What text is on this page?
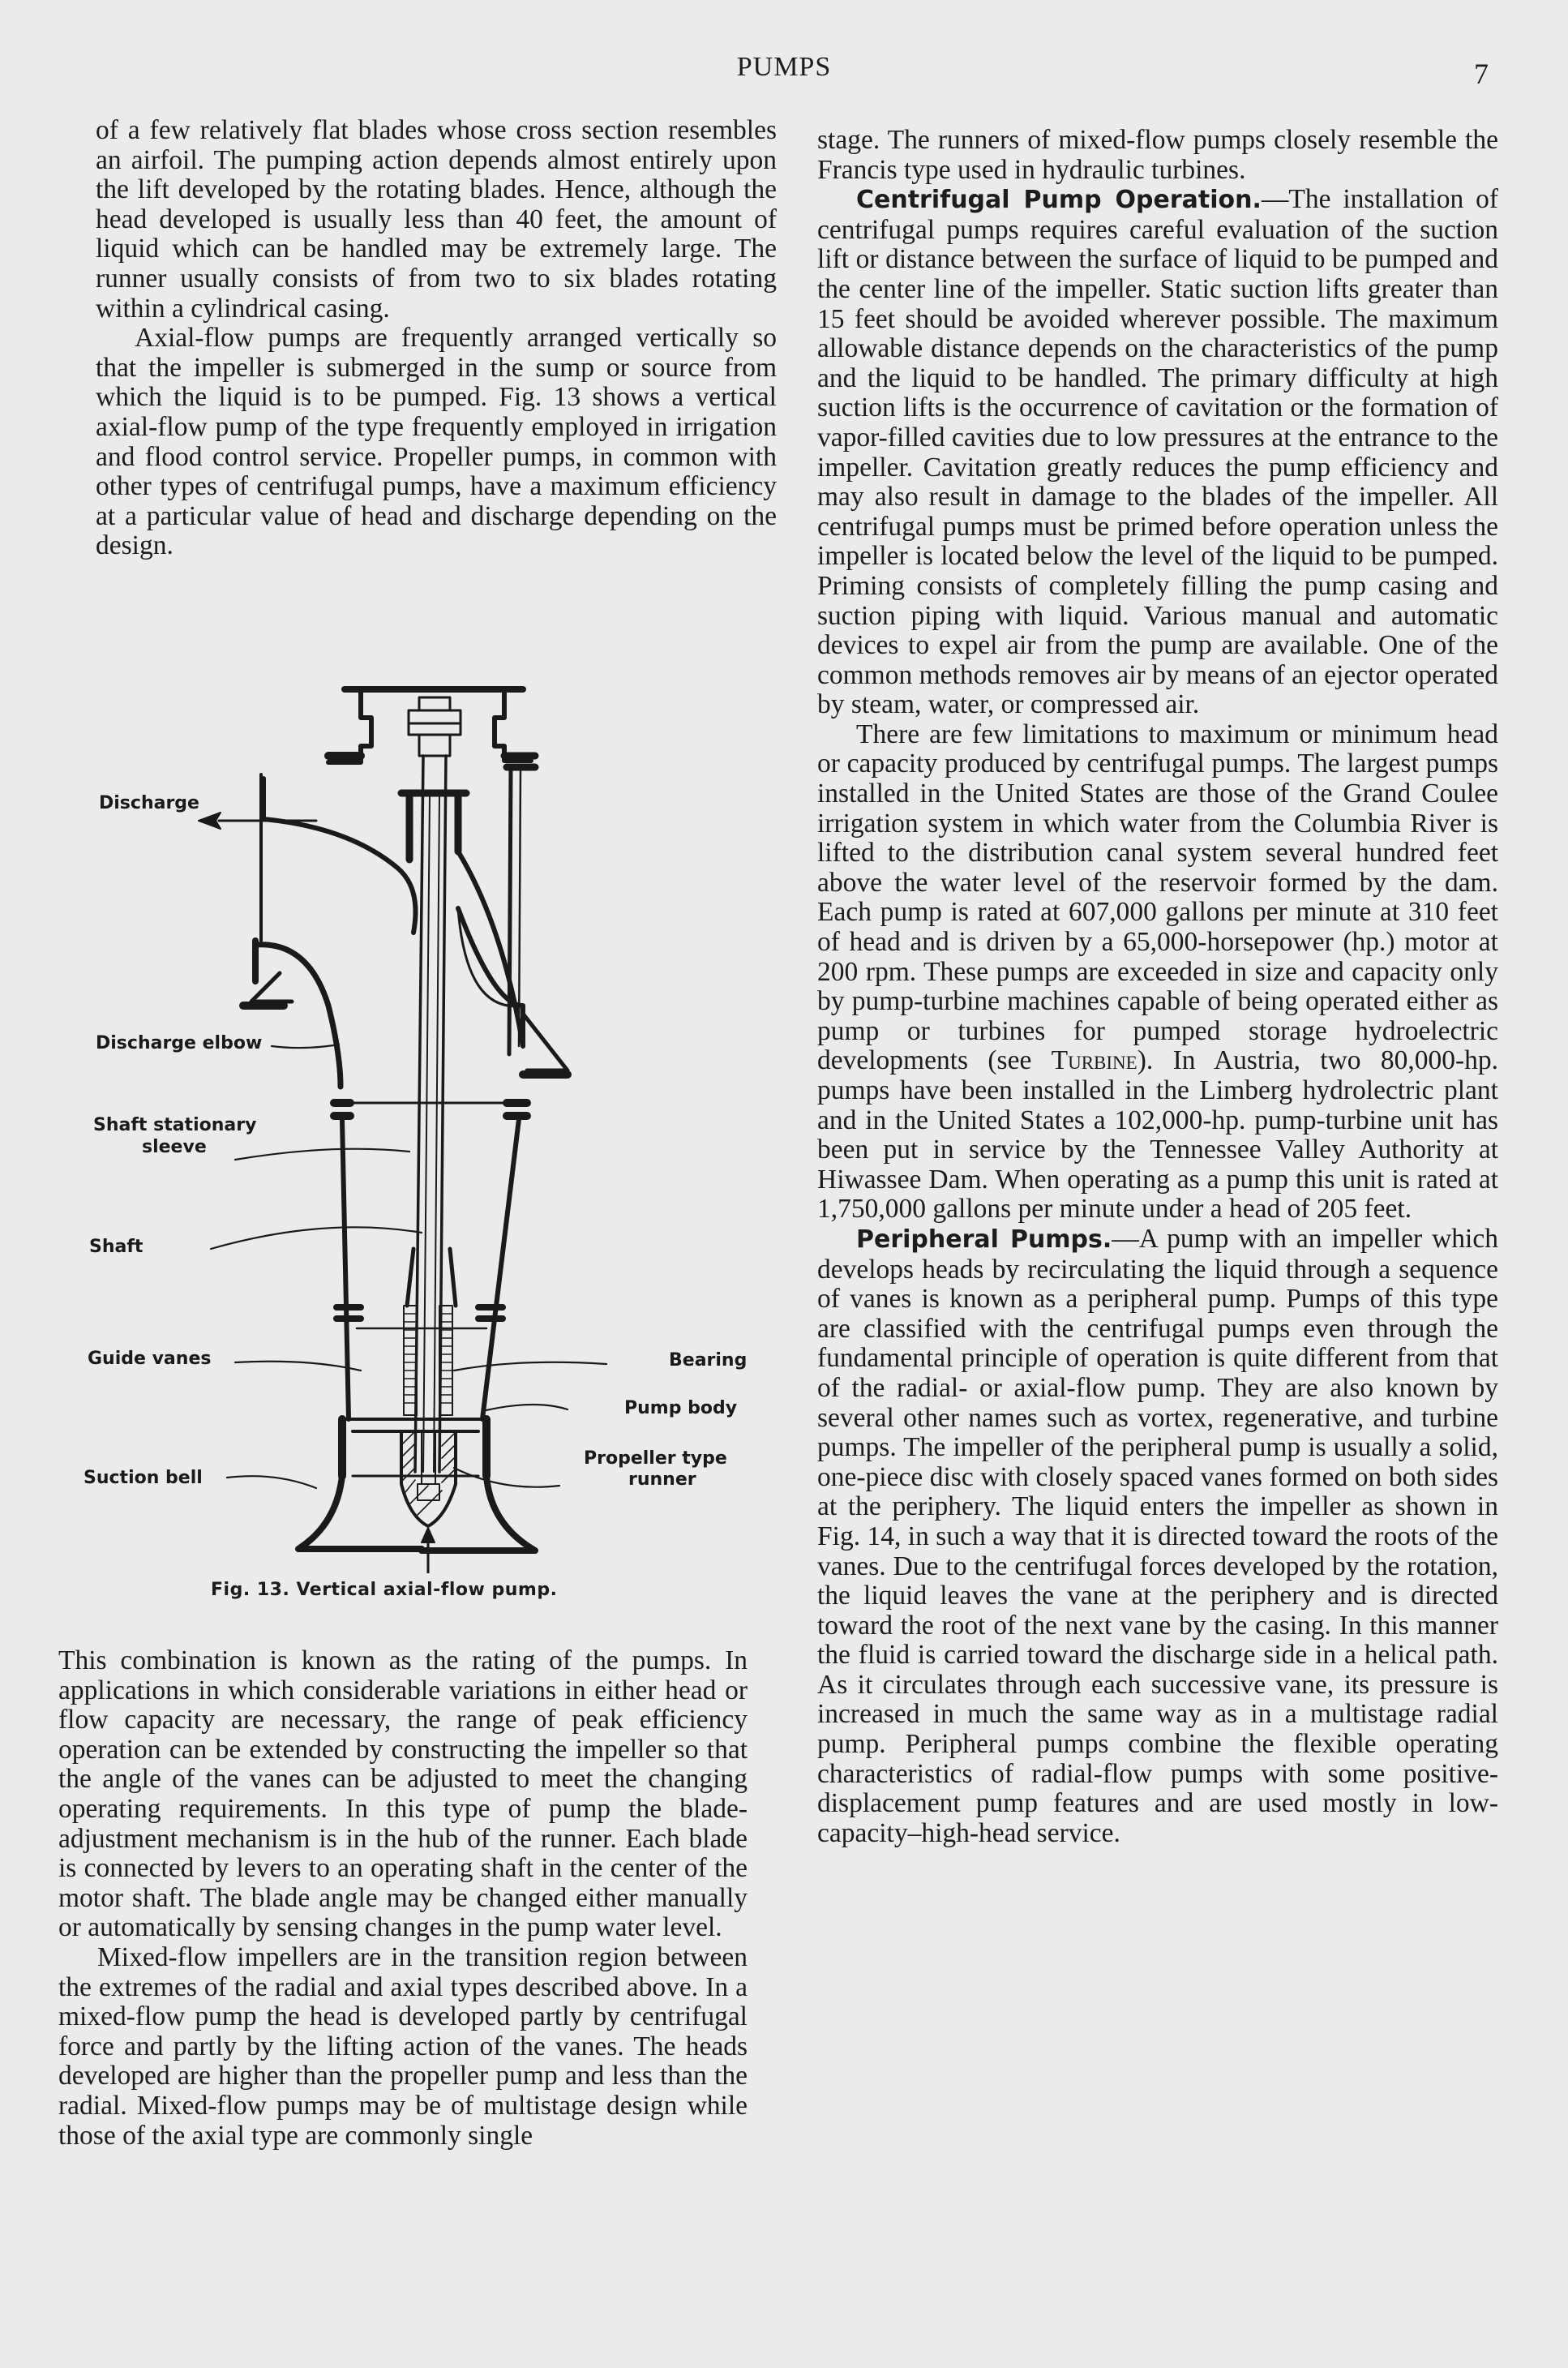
PUMPS	7

of a few relatively flat blades whose cross section resembles an airfoil. The pumping action depends almost entirely upon the lift developed by the rotating blades. Hence, although the head developed is usually less than 40 feet, the amount of liquid which can be handled may be extremely large. The runner usually consists of from two to six blades rotating within a cylindrical casing.

Axial-flow pumps are frequently arranged vertically so that the impeller is submerged in the sump or source from which the liquid is to be pumped. Fig. 13 shows a vertical axial-flow pump of the type frequently employed in irrigation and flood control service. Propeller pumps, in common with other types of centrifugal pumps, have a maximum efficiency at a particular value of head and discharge depending on the design.

Discharge
Discharge elbow
Shaft stationary
sleeve
Shaft
Guide vanes
Suction bell
Bearing
Pump body
Propeller type
runner
Fig. 13. Vertical axial-flow pump.

This combination is known as the rating of the pumps. In applications in which considerable variations in either head or flow capacity are necessary, the range of peak efficiency operation can be extended by constructing the impeller so that the angle of the vanes can be adjusted to meet the changing operating requirements. In this type of pump the blade-adjustment mechanism is in the hub of the runner. Each blade is connected by levers to an operating shaft in the center of the motor shaft. The blade angle may be changed either manually or automatically by sensing changes in the pump water level.

Mixed-flow impellers are in the transition region between the extremes of the radial and axial types described above. In a mixed-flow pump the head is developed partly by centrifugal force and partly by the lifting action of the vanes. The heads developed are higher than the propeller pump and less than the radial. Mixed-flow pumps may be of multistage design while those of the axial type are commonly single

stage. The runners of mixed-flow pumps closely resemble the Francis type used in hydraulic turbines.

Centrifugal Pump Operation.—The installation of centrifugal pumps requires careful evaluation of the suction lift or distance between the surface of liquid to be pumped and the center line of the impeller. Static suction lifts greater than 15 feet should be avoided wherever possible. The maximum allowable distance depends on the characteristics of the pump and the liquid to be handled. The primary difficulty at high suction lifts is the occurrence of cavitation or the formation of vapor-filled cavities due to low pressures at the entrance to the impeller. Cavitation greatly reduces the pump efficiency and may also result in damage to the blades of the impeller. All centrifugal pumps must be primed before operation unless the impeller is located below the level of the liquid to be pumped. Priming consists of completely filling the pump casing and suction piping with liquid. Various manual and automatic devices to expel air from the pump are available. One of the common methods removes air by means of an ejector operated by steam, water, or compressed air.

There are few limitations to maximum or minimum head or capacity produced by centrifugal pumps. The largest pumps installed in the United States are those of the Grand Coulee irrigation system in which water from the Columbia River is lifted to the distribution canal system several hundred feet above the water level of the reservoir formed by the dam. Each pump is rated at 607,000 gallons per minute at 310 feet of head and is driven by a 65,000-horsepower (hp.) motor at 200 rpm. These pumps are exceeded in size and capacity only by pump-turbine machines capable of being operated either as pump or turbines for pumped storage hydroelectric developments (see Turbine). In Austria, two 80,000-hp. pumps have been installed in the Limberg hydrolectric plant and in the United States a 102,000-hp. pump-turbine unit has been put in service by the Tennessee Valley Authority at Hiwassee Dam. When operating as a pump this unit is rated at 1,750,000 gallons per minute under a head of 205 feet.

Peripheral Pumps.—A pump with an impeller which develops heads by recirculating the liquid through a sequence of vanes is known as a peripheral pump. Pumps of this type are classified with the centrifugal pumps even through the fundamental principle of operation is quite different from that of the radial- or axial-flow pump. They are also known by several other names such as vortex, regenerative, and turbine pumps. The impeller of the peripheral pump is usually a solid, one-piece disc with closely spaced vanes formed on both sides at the periphery. The liquid enters the impeller as shown in Fig. 14, in such a way that it is directed toward the roots of the vanes. Due to the centrifugal forces developed by the rotation, the liquid leaves the vane at the periphery and is directed toward the root of the next vane by the casing. In this manner the fluid is carried toward the discharge side in a helical path. As it circulates through each successive vane, its pressure is increased in much the same way as in a multistage radial pump. Peripheral pumps combine the flexible operating characteristics of radial-flow pumps with some positive-displacement pump features and are used mostly in low-capacity–high-head service.
